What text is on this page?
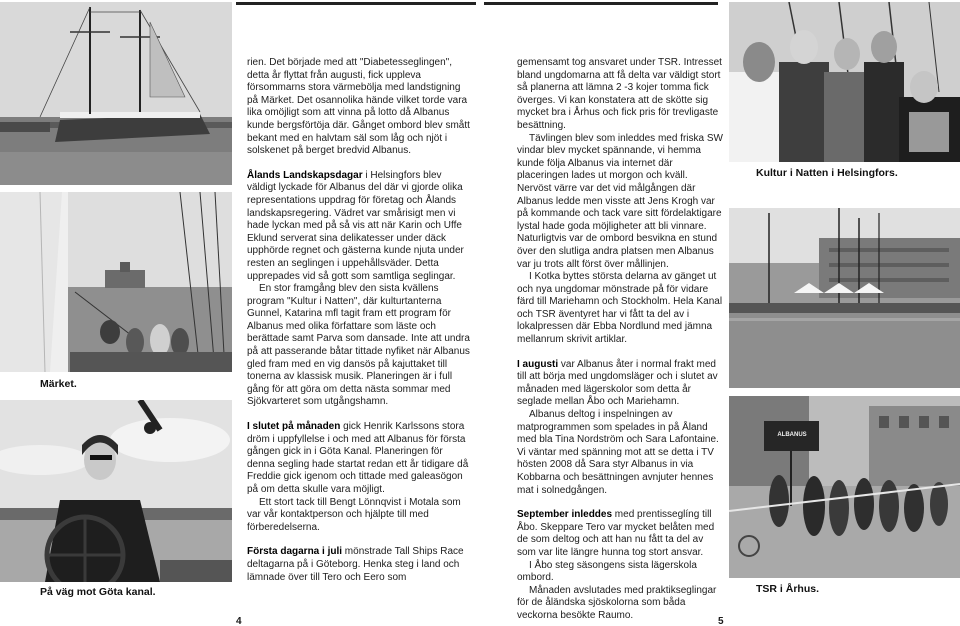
Märket.
På väg mot Göta kanal.

rien. Det började med att "Diabetesseglingen", detta år flyttat från augusti, fick uppleva försommarns stora värmebölja med landstigning på Märket. Det osannolika hände vilket torde vara lika omöjligt som att vinna på lotto då Albanus kunde bergsförtöja där. Gånget ombord blev smått bekant med en halvtam säl som låg och njöt i solskenet på berget bredvid Albanus.

Ålands Landskapsdagar i Helsingfors blev väldigt lyckade för Albanus del där vi gjorde olika representations uppdrag för företag och Ålands landskapsregering. Vädret var smårisigt men vi hade lyckan med på så vis att när Karin och Uffe Eklund serverat sina delikatesser under däck upphörde regnet och gästerna kunde njuta under resten an seglingen i uppehållsväder. Detta upprepades vid så gott som samtliga seglingar.

En stor framgång blev den sista kvällens program "Kultur i Natten", där kulturtanterna Gunnel, Katarina mfl tagit fram ett program för Albanus med olika författare som läste och berättade samt Parva som dansade. Inte att undra på att passerande båtar tittade nyfiket när Albanus gled fram med en vig dansös på kajuttaket till tonerna av klassisk musik. Planeringen är i full gång för att göra om detta nästa sommar med Sjökvarteret som utgångshamn.

I slutet på månaden gick Henrik Karlssons stora dröm i uppfyllelse i och med att Albanus för första gången gick in i Göta Kanal. Planeringen för denna segling hade startat redan ett år tidigare då Freddie gick igenom och tittade med galeasögon på om detta skulle vara möjligt.

Ett stort tack till Bengt Lönnqvist i Motala som var vår kontaktperson och hjälpte till med förberedelserna.

Första dagarna i juli mönstrade Tall Ships Race deltagarna på i Göteborg. Henka steg i land och lämnade över till Tero och Eero som

4

gemensamt tog ansvaret under TSR. Intresset bland ungdomarna att få delta var väldigt stort så planerna att lämna 2 -3 kojer tomma fick överges. Vi kan konstatera att de skötte sig mycket bra i Århus och fick pris för trevligaste besättning.

Tävlingen blev som inleddes med friska SW vindar blev mycket spännande, vi hemma kunde följa Albanus via internet där placeringen lades ut morgon och kväll. Nervöst värre var det vid målgången där Albanus ledde men visste att Jens Krogh var på kommande och tack vare sitt fördelaktigare lystal hade goda möjligheter att bli vinnare. Naturligtvis var de ombord besvikna en stund över den slutliga andra platsen men Albanus var ju trots allt först över mållinjen.

I Kotka byttes största delarna av gänget ut och nya ungdomar mönstrade på för vidare färd till Mariehamn och Stockholm. Hela Kanal och TSR äventyret har vi fått ta del av i lokalpressen där Ebba Nordlund med jämna mellanrum skrivit artiklar.

I augusti var Albanus åter i normal frakt med till att börja med ungdomsläger och i slutet av månaden med lägerskolor som detta år seglade mellan Åbo och Mariehamn.

Albanus deltog i inspelningen av matprogrammen som spelades in på Åland med bla Tina Nordström och Sara Lafontaine. Vi väntar med spänning mot att se detta i TV hösten 2008 då Sara styr Albanus in via Kobbarna och besättningen avnjuter hennes mat i solnedgången.

September inleddes med prentisseglíng till Åbo. Skeppare Tero var mycket belåten med de som deltog och att han nu fått ta del av som var lite längre hunna tog stort ansvar.

I Åbo steg säsongens sista lägerskola ombord.

Månaden avslutades med praktikseglingar för de åländska sjöskolorna som båda veckorna besökte Raumo.

Kultur i Natten i Helsingfors.
ALBANUS
TSR i Århus.
5
